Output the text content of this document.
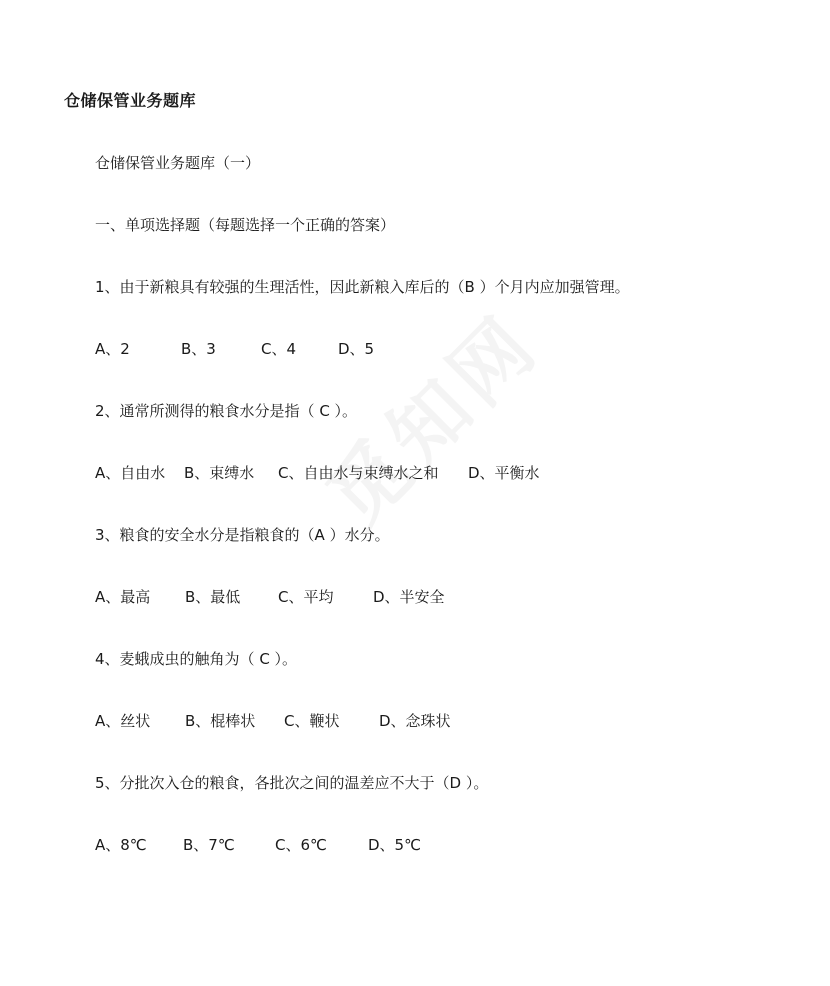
仓储保管业务题库
仓储保管业务题库（一）
一、单项选择题（每题选择一个正确的答案）
1、由于新粮具有较强的生理活性，因此新粮入库后的（B ）个月内应加强管理。
A、2	B、3	C、4	D、5
2、通常所测得的粮食水分是指（ C ）。
A、自由水 B、束缚水 C、自由水与束缚水之和 D、平衡水
3、粮食的安全水分是指粮食的（A ）水分。
A、最高 B、最低	C、平均	D、半安全
4、麦蛾成虫的触角为（ C ）。
A、丝状 B、棍棒状 C、鞭状	D、念珠状
5、分批次入仓的粮食，各批次之间的温差应不大于（D ）。
A、8℃ B、7℃	C、6℃	D、5℃
